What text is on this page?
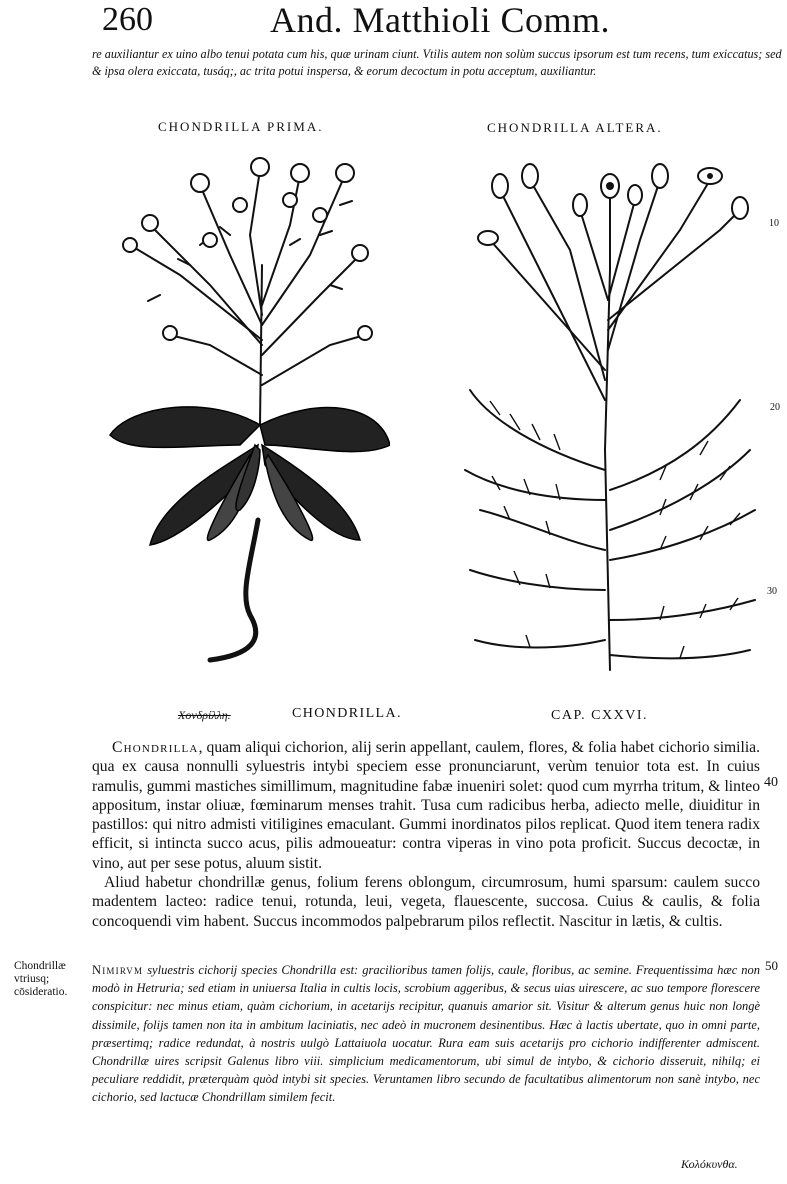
260	And. Matthioli Comm.
re auxiliantur ex uino albo tenui potata cum his, quæ urinam ciunt. Vtilis autem non solùm succus ipsorum est tum recens, tum exiccatus; sed & ipsa olera exiccata, tusáq;, ac trita potui inspersa, & eorum decoctum in potu acceptum, auxiliantur.
CHONDRILLA PRIMA.	CHONDRILLA ALTERA.
10
20
30
40
50
Χονδρίλλη.	CHONDRILLA.	CAP. CXXVI.

Chondrilla, quam aliqui cichorion, alij serin appellant, caulem, flores, & folia habet cichorio similia. qua ex causa nonnulli syluestris intybi speciem esse pronunciarunt, verùm tenuior tota est. In cuius ramulis, gummi mastiches simillimum, magnitudine fabæ inueniri solet: quod cum myrrha tritum, & linteo appositum, instar oliuæ, fœminarum menses trahit. Tusa cum radicibus herba, adiecto melle, diuiditur in pastillos: qui nitro admisti vitiligines emaculant. Gummi inordinatos pilos replicat. Quod item tenera radix efficit, si intincta succo acus, pilis admoueatur: contra viperas in vino pota proficit. Succus decoctæ, in vino, aut per sese potus, aluum sistit.

Aliud habetur chondrillæ genus, folium ferens oblongum, circumrosum, humi sparsum: caulem succo madentem lacteo: radice tenui, rotunda, leui, vegeta, flauescente, succosa. Cuius & caulis, & folia concoquendi vim habent. Succus incommodos palpebrarum pilos reflectit. Nascitur in lætis, & cultis.

Chondrillæ vtriusq; cōsideratio.

Nimirvm syluestris cichorij species Chondrilla est: gracilioribus tamen folijs, caule, floribus, ac semine. Frequentissima hæc non modò in Hetruria; sed etiam in uniuersa Italia in cultis locis, scrobium aggeribus, & secus uias uirescere, ac suo tempore florescere conspicitur: nec minus etiam, quàm cichorium, in acetarijs recipitur, quanuis amarior sit. Visitur & alterum genus huic non longè dissimile, folijs tamen non ita in ambitum laciniatis, nec adeò in mucronem desinentibus. Hæc à lactis ubertate, quo in omni parte, præsertimq; radice redundat, à nostris uulgò Lattaiuola uocatur. Rura eam suis acetarijs pro cichorio indifferenter admiscent. Chondrillæ uires scripsit Galenus libro viii. simplicium medicamentorum, ubi simul de intybo, & cichorio disseruit, nihilq; ei peculiare reddidit, præterquàm quòd intybi sit species. Veruntamen libro secundo de facultatibus alimentorum non sanè intybo, nec cichorio, sed lactucæ Chondrillam similem fecit.

Κολόκυνθα.
